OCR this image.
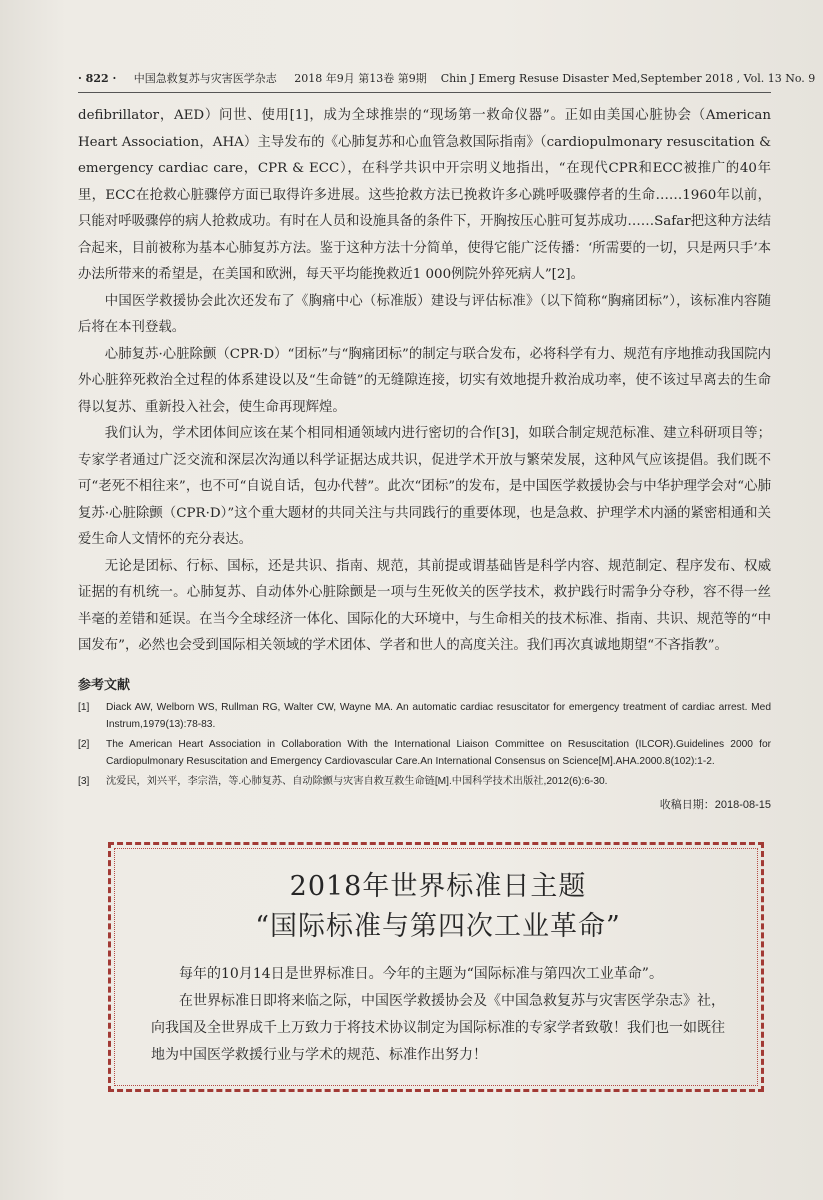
· 822 · 中国急救复苏与灾害医学杂志 2018 年9月 第13卷 第9期	Chin J Emerg Resuse Disaster Med,September 2018 , Vol. 13 No. 9

defibrillator，AED）问世、使用[1]，成为全球推崇的“现场第一救命仪器”。正如由美国心脏协会（American Heart Association，AHA）主导发布的《心肺复苏和心血管急救国际指南》（cardiopulmonary resuscitation & emergency cardiac care，CPR & ECC），在科学共识中开宗明义地指出，“在现代CPR和ECC被推广的40年里，ECC在抢救心脏骤停方面已取得许多进展。这些抢救方法已挽救许多心跳呼吸骤停者的生命……1960年以前，只能对呼吸骤停的病人抢救成功。有时在人员和设施具备的条件下，开胸按压心脏可复苏成功……Safar把这种方法结合起来，目前被称为基本心肺复苏方法。鉴于这种方法十分简单，使得它能广泛传播：‘所需要的一切，只是两只手’本办法所带来的希望是，在美国和欧洲，每天平均能挽救近1 000例院外猝死病人”[2]。

中国医学救援协会此次还发布了《胸痛中心（标准版）建设与评估标准》（以下简称“胸痛团标”），该标准内容随后将在本刊登载。

心肺复苏·心脏除颤（CPR·D）“团标”与“胸痛团标”的制定与联合发布，必将科学有力、规范有序地推动我国院内外心脏猝死救治全过程的体系建设以及“生命链”的无缝隙连接，切实有效地提升救治成功率，使不该过早离去的生命得以复苏、重新投入社会，使生命再现辉煌。

我们认为，学术团体间应该在某个相同相通领域内进行密切的合作[3]，如联合制定规范标准、建立科研项目等；专家学者通过广泛交流和深层次沟通以科学证据达成共识，促进学术开放与繁荣发展，这种风气应该提倡。我们既不可“老死不相往来”，也不可“自说自话，包办代替”。此次“团标”的发布，是中国医学救援协会与中华护理学会对“心肺复苏·心脏除颤（CPR·D）”这个重大题材的共同关注与共同践行的重要体现，也是急救、护理学术内涵的紧密相通和关爱生命人文情怀的充分表达。

无论是团标、行标、国标，还是共识、指南、规范，其前提或谓基础皆是科学内容、规范制定、程序发布、权威证据的有机统一。心肺复苏、自动体外心脏除颤是一项与生死攸关的医学技术，救护践行时需争分夺秒，容不得一丝半毫的差错和延误。在当今全球经济一体化、国际化的大环境中，与生命相关的技术标准、指南、共识、规范等的“中国发布”，必然也会受到国际相关领域的学术团体、学者和世人的高度关注。我们再次真诚地期望“不吝指教”。

参考文献
[1]	Diack AW, Welborn WS, Rullman RG, Walter CW, Wayne MA. An automatic cardiac resuscitator for emergency treatment of cardiac arrest. Med Instrum,1979(13):78-83.
[2]	The American Heart Association in Collaboration With the International Liaison Committee on Resuscitation (ILCOR).Guidelines 2000 for Cardiopulmonary Resuscitation and Emergency Cardiovascular Care.An International Consensus on Science[M].AHA.2000.8(102):1-2.
[3]	沈爱民，刘兴平，李宗浩，等.心肺复苏、自动除颤与灾害自救互救生命链[M].中国科学技术出版社,2012(6):6-30.
收稿日期：2018-08-15
2018年世界标准日主题
“国际标准与第四次工业革命”

每年的10月14日是世界标准日。今年的主题为“国际标准与第四次工业革命”。

在世界标准日即将来临之际，中国医学救援协会及《中国急救复苏与灾害医学杂志》社，向我国及全世界成千上万致力于将技术协议制定为国际标准的专家学者致敬！我们也一如既往地为中国医学救援行业与学术的规范、标准作出努力！
